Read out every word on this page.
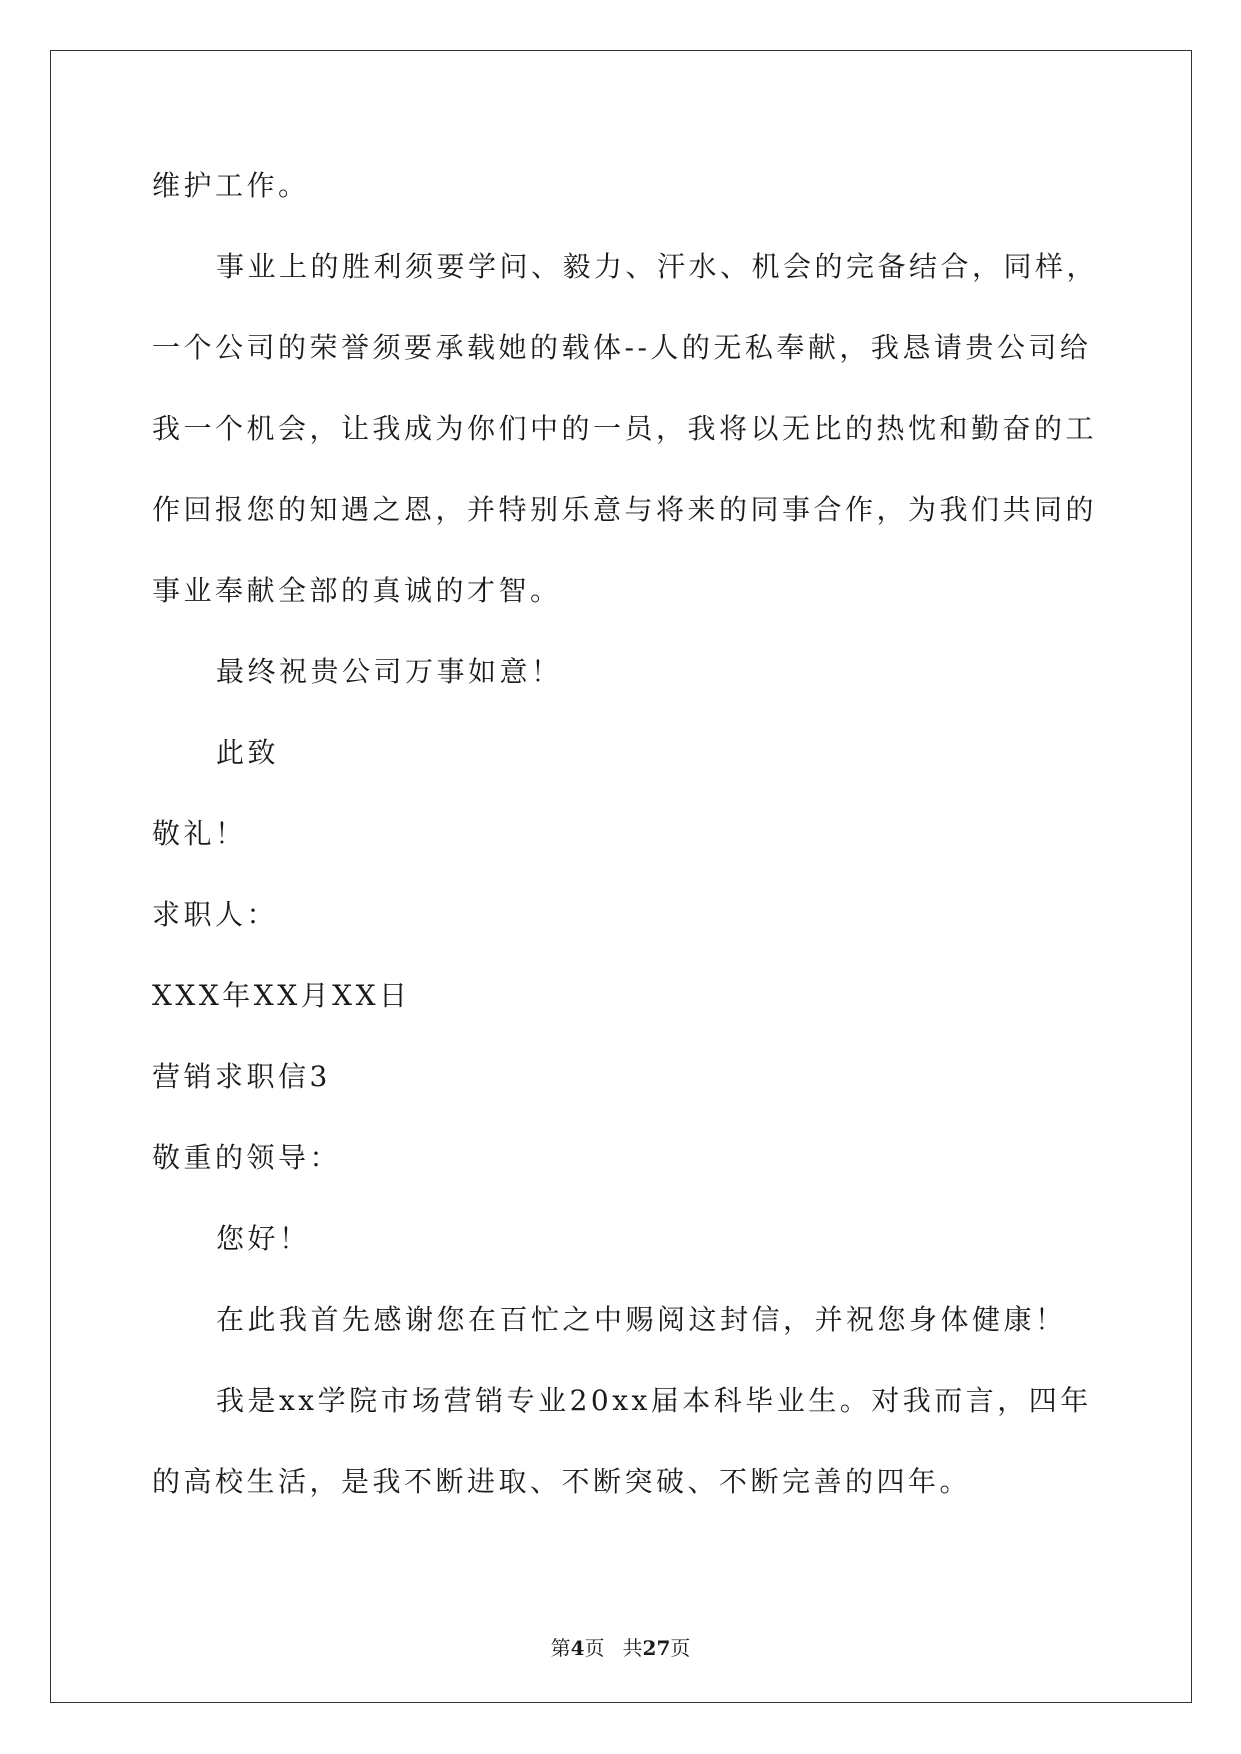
维护工作。
事业上的胜利须要学问、毅力、汗水、机会的完备结合，同样，
一个公司的荣誉须要承载她的载体--人的无私奉献，我恳请贵公司给
我一个机会，让我成为你们中的一员，我将以无比的热忱和勤奋的工
作回报您的知遇之恩，并特别乐意与将来的同事合作，为我们共同的
事业奉献全部的真诚的才智。
最终祝贵公司万事如意！
此致
敬礼！
求职人：
XXX年XX月XX日
营销求职信3
敬重的领导：
您好！
在此我首先感谢您在百忙之中赐阅这封信，并祝您身体健康！
我是xx学院市场营销专业20xx届本科毕业生。对我而言，四年
的高校生活，是我不断进取、不断突破、不断完善的四年。
第4页 共27页
